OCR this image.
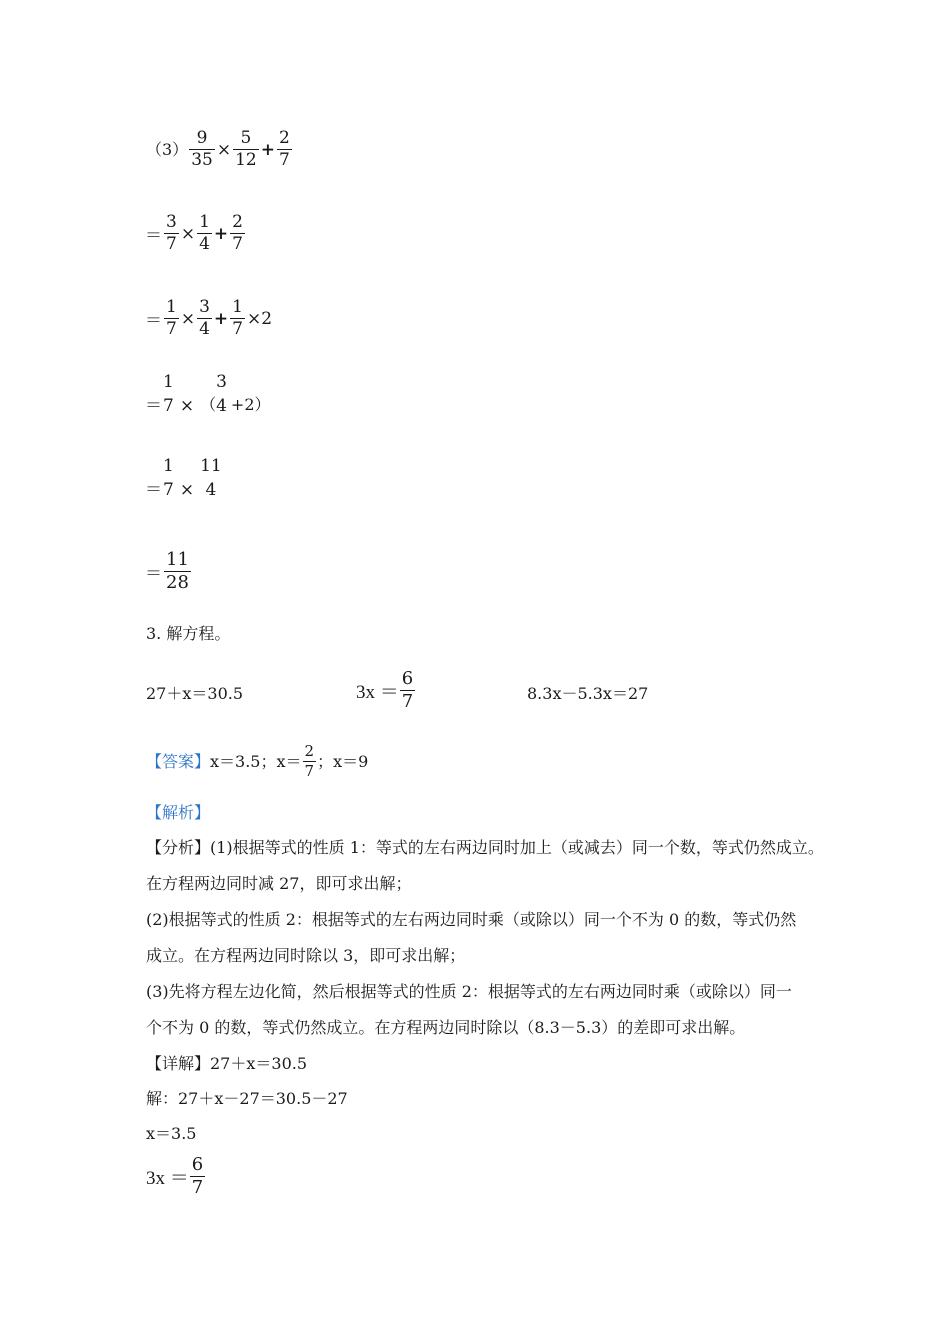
$(3) \frac{9}{35} \times \frac{5}{12} + \frac{2}{7}$
＝ $\frac{3}{7} \times \frac{1}{4} + \frac{2}{7}$
＝ $\frac{1}{7} \times \frac{3}{4} + \frac{1}{7} \times 2$
＝
1
7 × （
3
4 +2）
＝
1
7 ×
11
4
＝ $\frac{11}{28}$
3. 解方程。
27＋x＝30.5	$3x = \frac{6}{7}$	8.3x－5.3x＝27
【答案】 x＝3.5；$x= \frac{2}{7}$ ；x＝9
【解析】
【分析】(1)根据等式的性质 1：等式的左右两边同时加上（或减去）同一个数，等式仍然成立。
在方程两边同时减 27，即可求出解；
(2)根据等式的性质 2：根据等式的左右两边同时乘（或除以）同一个不为 0 的数，等式仍然
成立。在方程两边同时除以 3，即可求出解；
(3)先将方程左边化简，然后根据等式的性质 2：根据等式的左右两边同时乘（或除以）同一
个不为 0 的数，等式仍然成立。在方程两边同时除以（8.3－5.3）的差即可求出解。
【详解】27＋x＝30.5
解：27＋x－27＝30.5－27
x＝3.5
$3x = \frac{6}{7}$
